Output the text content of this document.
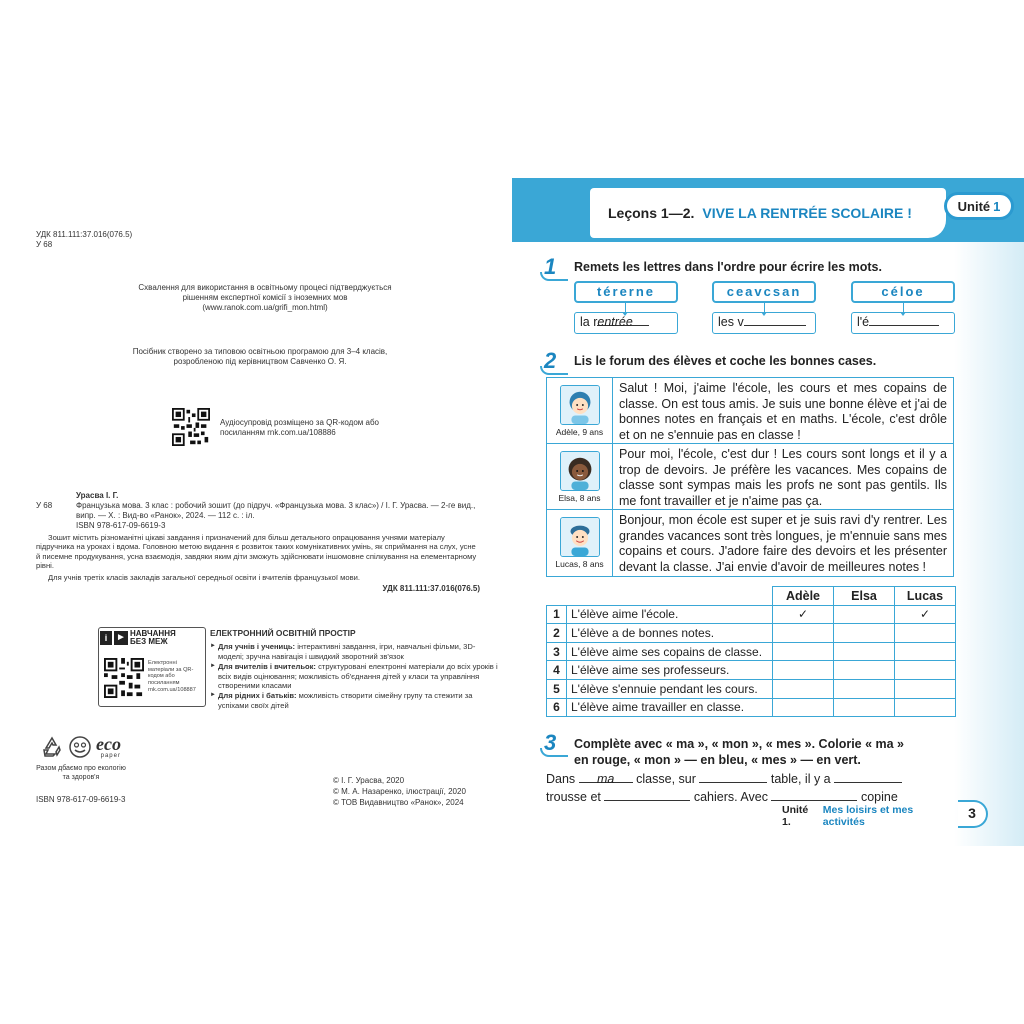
УДК 811.111:37.016(076.5)
У 68
Схвалення для використання в освітньому процесі підтверджується рішенням експертної комісії з іноземних мов (www.ranok.com.ua/grifi_mon.html)
Посібник створено за типовою освітньою програмою для 3–4 класів, розробленою під керівництвом Савченко О. Я.
Аудіосупровід розміщено за QR-кодом або посиланням rnk.com.ua/108886
Урасва І. Г.
У 68	Французька мова. 3 клас : робочий зошит (до підруч. «Французька мова. 3 клас») / І. Г. Урасва. — 2-ге вид., випр. — Х. : Вид-во «Ранок», 2024. — 112 с. : іл.
ISBN 978-617-09-6619-3
Зошит містить різноманітні цікаві завдання і призначений для більш детального опрацювання учнями матеріалу підручника на уроках і вдома. Головною метою видання є розвиток таких комунікативних умінь, як сприймання на слух, усне й писемне продукування, усна взаємодія, завдяки яким діти зможуть здійснювати іншомовне спілкування на елементарному рівні.
Для учнів третіх класів закладів загальної середньої освіти і вчителів французької мови.
УДК 811.111:37.016(076.5)
i ► НАВЧАННЯ БЕЗ МЕЖ
Електронні матеріали за QR-кодом або посиланням rnk.com.ua/108887
ЕЛЕКТРОННИЙ ОСВІТНІЙ ПРОСТІР
► Для учнів і учениць: інтерактивні завдання, ігри, навчальні фільми, 3D-моделі; зручна навігація і швидкий зворотний зв'язок
► Для вчителів і вчительок: структуровані електронні матеріали до всіх уроків і всіх видів оцінювання; можливість об'єднання дітей у класи та управління створеними класами
► Для рідних і батьків: можливість створити сімейну групу та стежити за успіхами своїх дітей
eco
paper
Разом дбаємо про екологію та здоров'я
ISBN 978-617-09-6619-3
© І. Г. Урасва, 2020
© М. А. Назаренко, ілюстрації, 2020
© ТОВ Видавництво «Ранок», 2024
Leçons 1—2. VIVE LA RENTRÉE SCOLAIRE !	Unité 1
1	Remets les lettres dans l'ordre pour écrire les mots.
térerne	ceavcsan	céloe
la rentrée	les v	l'é
2	Lis le forum des élèves et coche les bonnes cases.
Adèle, 9 ans
Salut ! Moi, j'aime l'école, les cours et mes copains de classe. On est tous amis. Je suis une bonne élève et j'ai de bonnes notes en français et en maths. L'école, c'est drôle et on ne s'ennuie pas en classe !
Elsa, 8 ans
Pour moi, l'école, c'est dur ! Les cours sont longs et il y a trop de devoirs. Je préfère les vacances. Mes copains de classe sont sympas mais les profs ne sont pas gentils. Ils me font travailler et je n'aime pas ça.
Lucas, 8 ans
Bonjour, mon école est super et je suis ravi d'y rentrer. Les grandes vacances sont très longues, je m'ennuie sans mes copains et cours. J'adore faire des devoirs et les présenter devant la classe. J'ai envie d'avoir de meilleures notes !
		Adèle	Elsa	Lucas
1	L'élève aime l'école.	✓		✓
2	L'élève a de bonnes notes.			
3	L'élève aime ses copains de classe.			
4	L'élève aime ses professeurs.			
5	L'élève s'ennuie pendant les cours.			
6	L'élève aime travailler en classe.			
3	Complète avec « ma », « mon », « mes ». Colorie « ma »
en rouge, « mon » — en bleu, « mes » — en vert.
Dans ma classe, sur	table, il y a
trousse et	cahiers. Avec	copine
Unité 1.
Mes loisirs et mes activités
3
